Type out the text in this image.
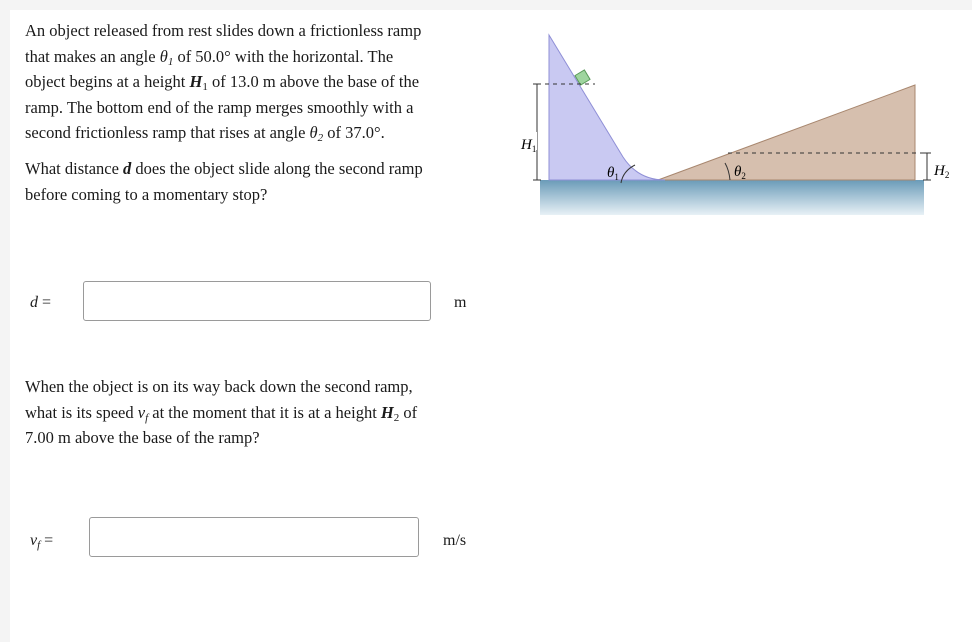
An object released from rest slides down a frictionless ramp
that makes an angle $\theta_1$ of 50.0° with the horizontal. The
object begins at a height $H_1$ of 13.0 m above the base of the
ramp. The bottom end of the ramp merges smoothly with a
second frictionless ramp that rises at angle $\theta_2$ of 37.0°.

What distance d does the object slide along the second ramp
before coming to a momentary stop?

d =	m

When the object is on its way back down the second ramp,
what is its speed $v_f$ at the moment that it is at a height $H_2$ of
7.00 m above the base of the ramp?

$v_f$ =	m/s
$H_1$
$H_2$
$\theta_1$	$\theta_2$
